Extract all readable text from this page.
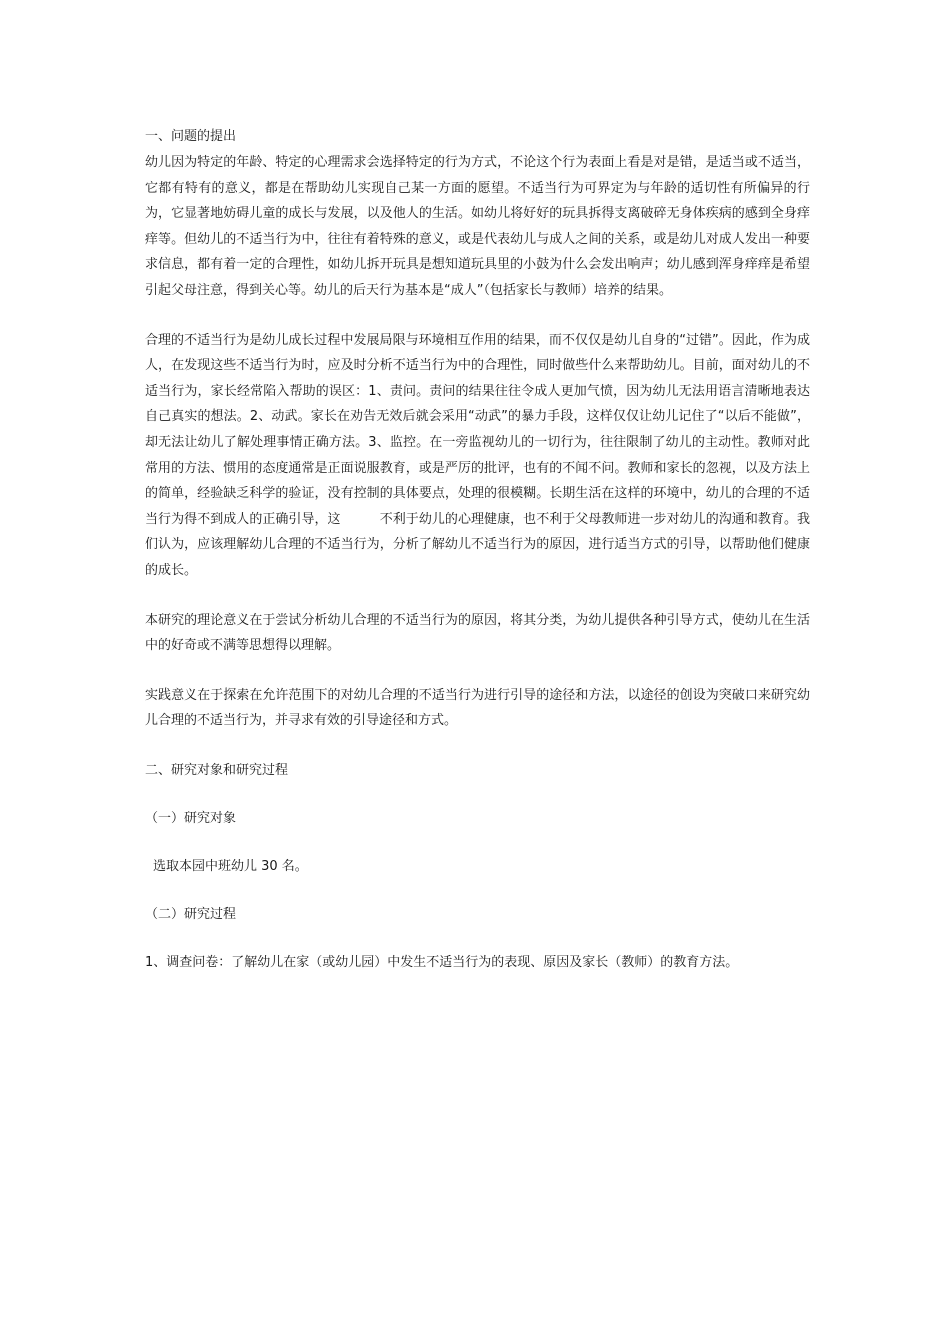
一、问题的提出

幼儿因为特定的年龄、特定的心理需求会选择特定的行为方式，不论这个行为表面上看是对是错，是适当或不适当，它都有特有的意义，都是在帮助幼儿实现自己某一方面的愿望。不适当行为可界定为与年龄的适切性有所偏异的行为，它显著地妨碍儿童的成长与发展，以及他人的生活。如幼儿将好好的玩具拆得支离破碎无身体疾病的感到全身痒痒等。但幼儿的不适当行为中，往往有着特殊的意义，或是代表幼儿与成人之间的关系，或是幼儿对成人发出一种要求信息，都有着一定的合理性，如幼儿拆开玩具是想知道玩具里的小鼓为什么会发出响声；幼儿感到浑身痒痒是希望引起父母注意，得到关心等。幼儿的后天行为基本是“成人”（包括家长与教师）培养的结果。

合理的不适当行为是幼儿成长过程中发展局限与环境相互作用的结果，而不仅仅是幼儿自身的“过错”。因此，作为成人，在发现这些不适当行为时，应及时分析不适当行为中的合理性，同时做些什么来帮助幼儿。目前，面对幼儿的不适当行为，家长经常陷入帮助的误区：1、责问。责问的结果往往令成人更加气愤，因为幼儿无法用语言清晰地表达自己真实的想法。2、动武。家长在劝告无效后就会采用“动武”的暴力手段，这样仅仅让幼儿记住了“以后不能做”，却无法让幼儿了解处理事情正确方法。3、监控。在一旁监视幼儿的一切行为，往往限制了幼儿的主动性。教师对此常用的方法、惯用的态度通常是正面说服教育，或是严厉的批评，也有的不闻不问。教师和家长的忽视，以及方法上的简单，经验缺乏科学的验证，没有控制的具体要点，处理的很模糊。长期生活在这样的环境中，幼儿的合理的不适当行为得不到成人的正确引导，这　　　不利于幼儿的心理健康，也不利于父母教师进一步对幼儿的沟通和教育。我们认为，应该理解幼儿合理的不适当行为，分析了解幼儿不适当行为的原因，进行适当方式的引导，以帮助他们健康的成长。

本研究的理论意义在于尝试分析幼儿合理的不适当行为的原因，将其分类，为幼儿提供各种引导方式，使幼儿在生活中的好奇或不满等思想得以理解。

实践意义在于探索在允许范围下的对幼儿合理的不适当行为进行引导的途径和方法，以途径的创设为突破口来研究幼儿合理的不适当行为，并寻求有效的引导途径和方式。

二、研究对象和研究过程
（一）研究对象
选取本园中班幼儿 30 名。
（二）研究过程
1、调查问卷：了解幼儿在家（或幼儿园）中发生不适当行为的表现、原因及家长（教师）的教育方法。
